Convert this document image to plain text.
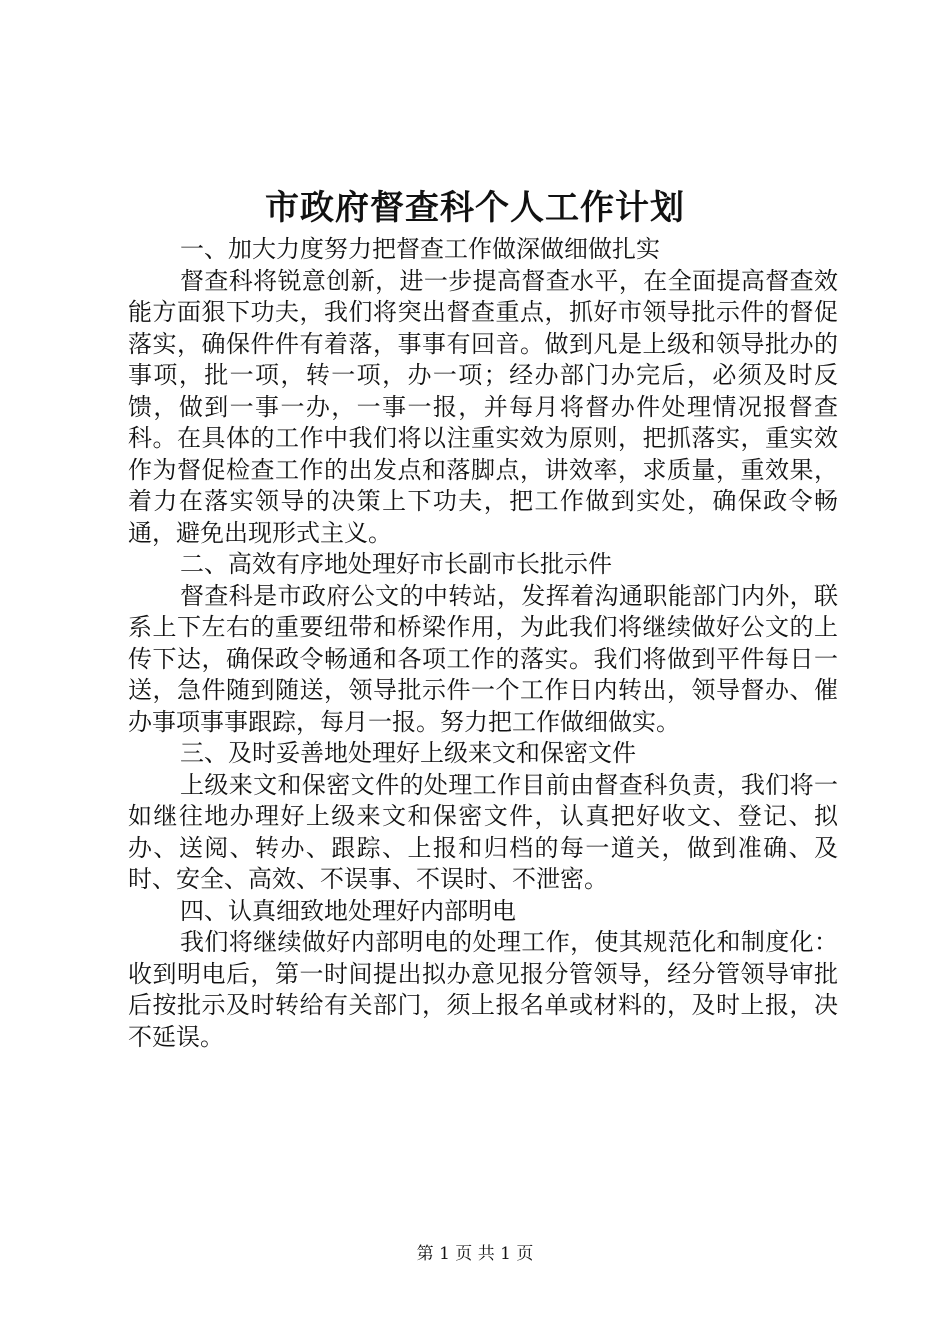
市政府督查科个人工作计划

一、加大力度努力把督查工作做深做细做扎实

督查科将锐意创新，进一步提高督查水平，在全面提高督查效能方面狠下功夫，我们将突出督查重点，抓好市领导批示件的督促落实，确保件件有着落，事事有回音。做到凡是上级和领导批办的事项，批一项，转一项，办一项；经办部门办完后，必须及时反馈，做到一事一办，一事一报，并每月将督办件处理情况报督查科。在具体的工作中我们将以注重实效为原则，把抓落实，重实效作为督促检查工作的出发点和落脚点，讲效率，求质量，重效果，着力在落实领导的决策上下功夫，把工作做到实处，确保政令畅通，避免出现形式主义。

二、高效有序地处理好市长副市长批示件

督查科是市政府公文的中转站，发挥着沟通职能部门内外，联系上下左右的重要纽带和桥梁作用，为此我们将继续做好公文的上传下达，确保政令畅通和各项工作的落实。我们将做到平件每日一送，急件随到随送，领导批示件一个工作日内转出，领导督办、催办事项事事跟踪，每月一报。努力把工作做细做实。

三、及时妥善地处理好上级来文和保密文件

上级来文和保密文件的处理工作目前由督查科负责，我们将一如继往地办理好上级来文和保密文件，认真把好收文、登记、拟办、送阅、转办、跟踪、上报和归档的每一道关，做到准确、及时、安全、高效、不误事、不误时、不泄密。

四、认真细致地处理好内部明电

我们将继续做好内部明电的处理工作，使其规范化和制度化：收到明电后，第一时间提出拟办意见报分管领导，经分管领导审批后按批示及时转给有关部门，须上报名单或材料的，及时上报，决不延误。

第 1 页 共 1 页
